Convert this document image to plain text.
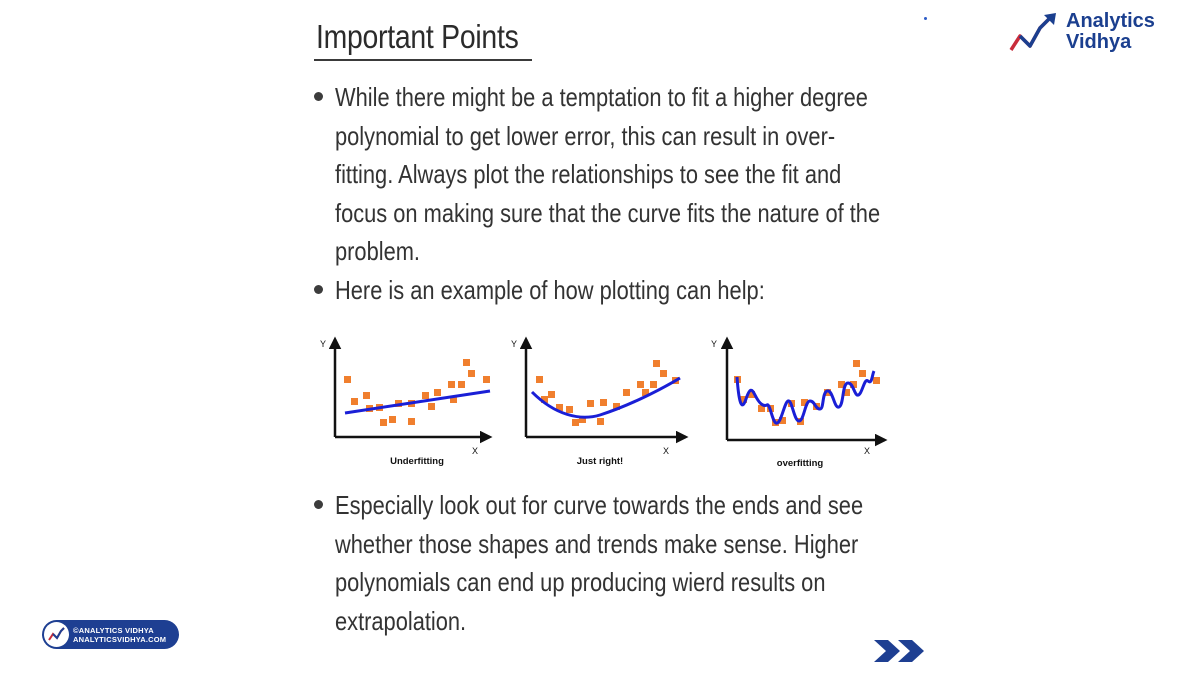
Important Points
While there might be a temptation to fit a higher degree
polynomial to get lower error, this can result in over-
fitting. Always plot the relationships to see the fit and
focus on making sure that the curve fits the nature of the
problem.
Here is an example of how plotting can help:
Especially look out for curve towards the ends and see
whether those shapes and trends make sense. Higher
polynomials can end up producing wierd results on
extrapolation.
Y
X
Underfitting
Y
X
Just right!
Y
X
overfitting
Analytics
Vidhya
©ANALYTICS VIDHYA
ANALYTICSVIDHYA.COM
